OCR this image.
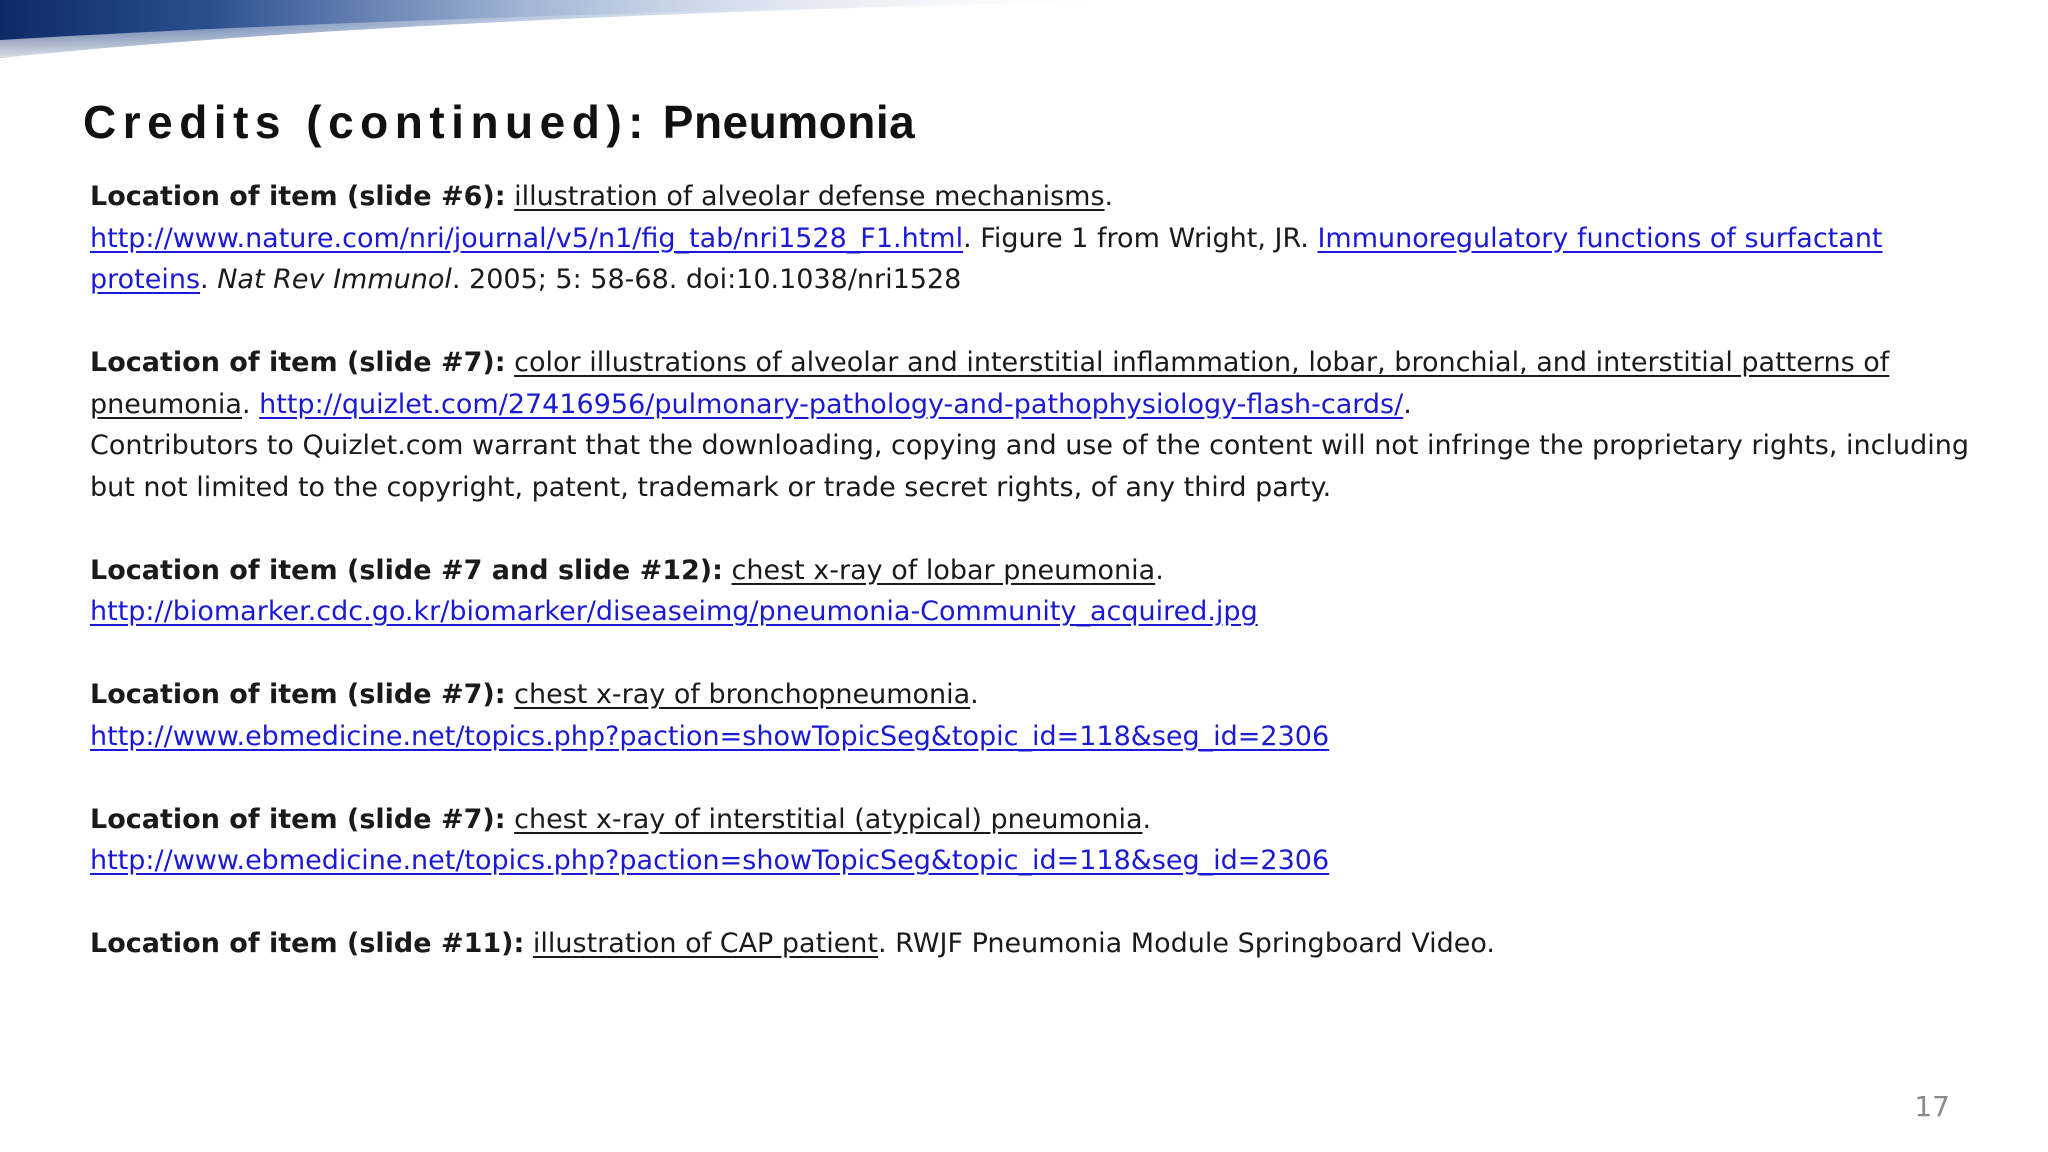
Credits (continued): Pneumonia

Location of item (slide #6): illustration of alveolar defense mechanisms.
http://www.nature.com/nri/journal/v5/n1/fig_tab/nri1528_F1.html. Figure 1 from Wright, JR. Immunoregulatory functions of surfactant proteins. Nat Rev Immunol. 2005; 5: 58-68. doi:10.1038/nri1528

Location of item (slide #7): color illustrations of alveolar and interstitial inflammation, lobar, bronchial, and interstitial patterns of pneumonia. http://quizlet.com/27416956/pulmonary-pathology-and-pathophysiology-flash-cards/.
Contributors to Quizlet.com warrant that the downloading, copying and use of the content will not infringe the proprietary rights, including but not limited to the copyright, patent, trademark or trade secret rights, of any third party.

Location of item (slide #7 and slide #12): chest x-ray of lobar pneumonia.
http://biomarker.cdc.go.kr/biomarker/diseaseimg/pneumonia-Community_acquired.jpg

Location of item (slide #7): chest x-ray of bronchopneumonia.
http://www.ebmedicine.net/topics.php?paction=showTopicSeg&topic_id=118&seg_id=2306

Location of item (slide #7): chest x-ray of interstitial (atypical) pneumonia.
http://www.ebmedicine.net/topics.php?paction=showTopicSeg&topic_id=118&seg_id=2306

Location of item (slide #11): illustration of CAP patient. RWJF Pneumonia Module Springboard Video.

17
